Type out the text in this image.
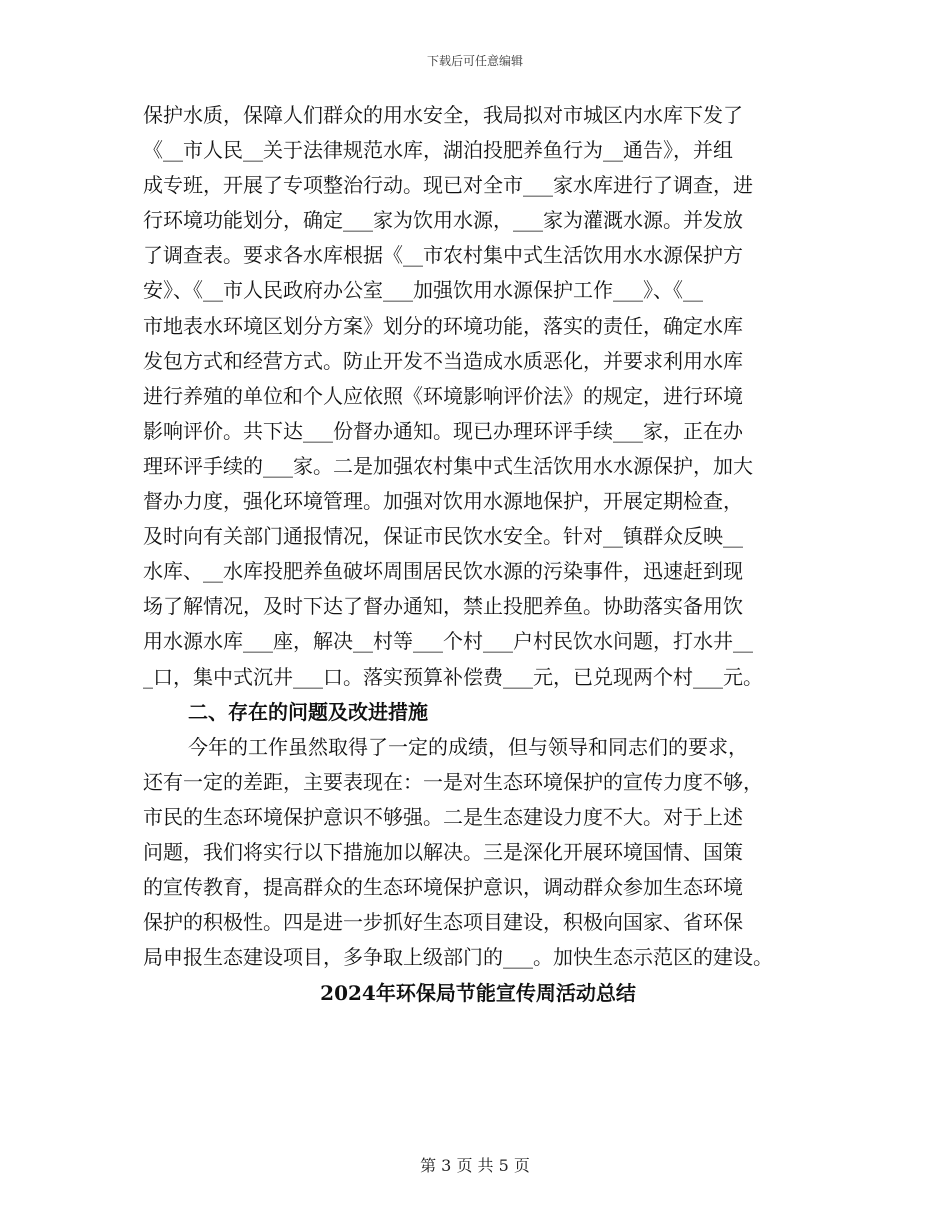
下载后可任意编辑
保护水质，保障人们群众的用水安全，我局拟对市城区内水库下发了
《__市人民__关于法律规范水库，湖泊投肥养鱼行为__通告》，并组
成专班，开展了专项整治行动。现已对全市___家水库进行了调查，进
行环境功能划分，确定___家为饮用水源，___家为灌溉水源。并发放
了调查表。要求各水库根据《__市农村集中式生活饮用水水源保护方
安》、《__市人民政府办公室___加强饮用水源保护工作___》、《__
市地表水环境区划分方案》划分的环境功能，落实的责任，确定水库
发包方式和经营方式。防止开发不当造成水质恶化，并要求利用水库
进行养殖的单位和个人应依照《环境影响评价法》的规定，进行环境
影响评价。共下达___份督办通知。现已办理环评手续___家，正在办
理环评手续的___家。二是加强农村集中式生活饮用水水源保护，加大
督办力度，强化环境管理。加强对饮用水源地保护，开展定期检查，
及时向有关部门通报情况，保证市民饮水安全。针对__镇群众反映__
水库、__水库投肥养鱼破坏周围居民饮水源的污染事件，迅速赶到现
场了解情况，及时下达了督办通知，禁止投肥养鱼。协助落实备用饮
用水源水库___座，解决__村等___个村___户村民饮水问题，打水井__
_口，集中式沉井___口。落实预算补偿费___元，已兑现两个村___元。
二、存在的问题及改进措施
今年的工作虽然取得了一定的成绩，但与领导和同志们的要求，
还有一定的差距，主要表现在：一是对生态环境保护的宣传力度不够，
市民的生态环境保护意识不够强。二是生态建设力度不大。对于上述
问题，我们将实行以下措施加以解决。三是深化开展环境国情、国策
的宣传教育，提高群众的生态环境保护意识，调动群众参加生态环境
保护的积极性。四是进一步抓好生态项目建设，积极向国家、省环保
局申报生态建设项目，多争取上级部门的___。加快生态示范区的建设。
2024年环保局节能宣传周活动总结
第 3 页 共 5 页
